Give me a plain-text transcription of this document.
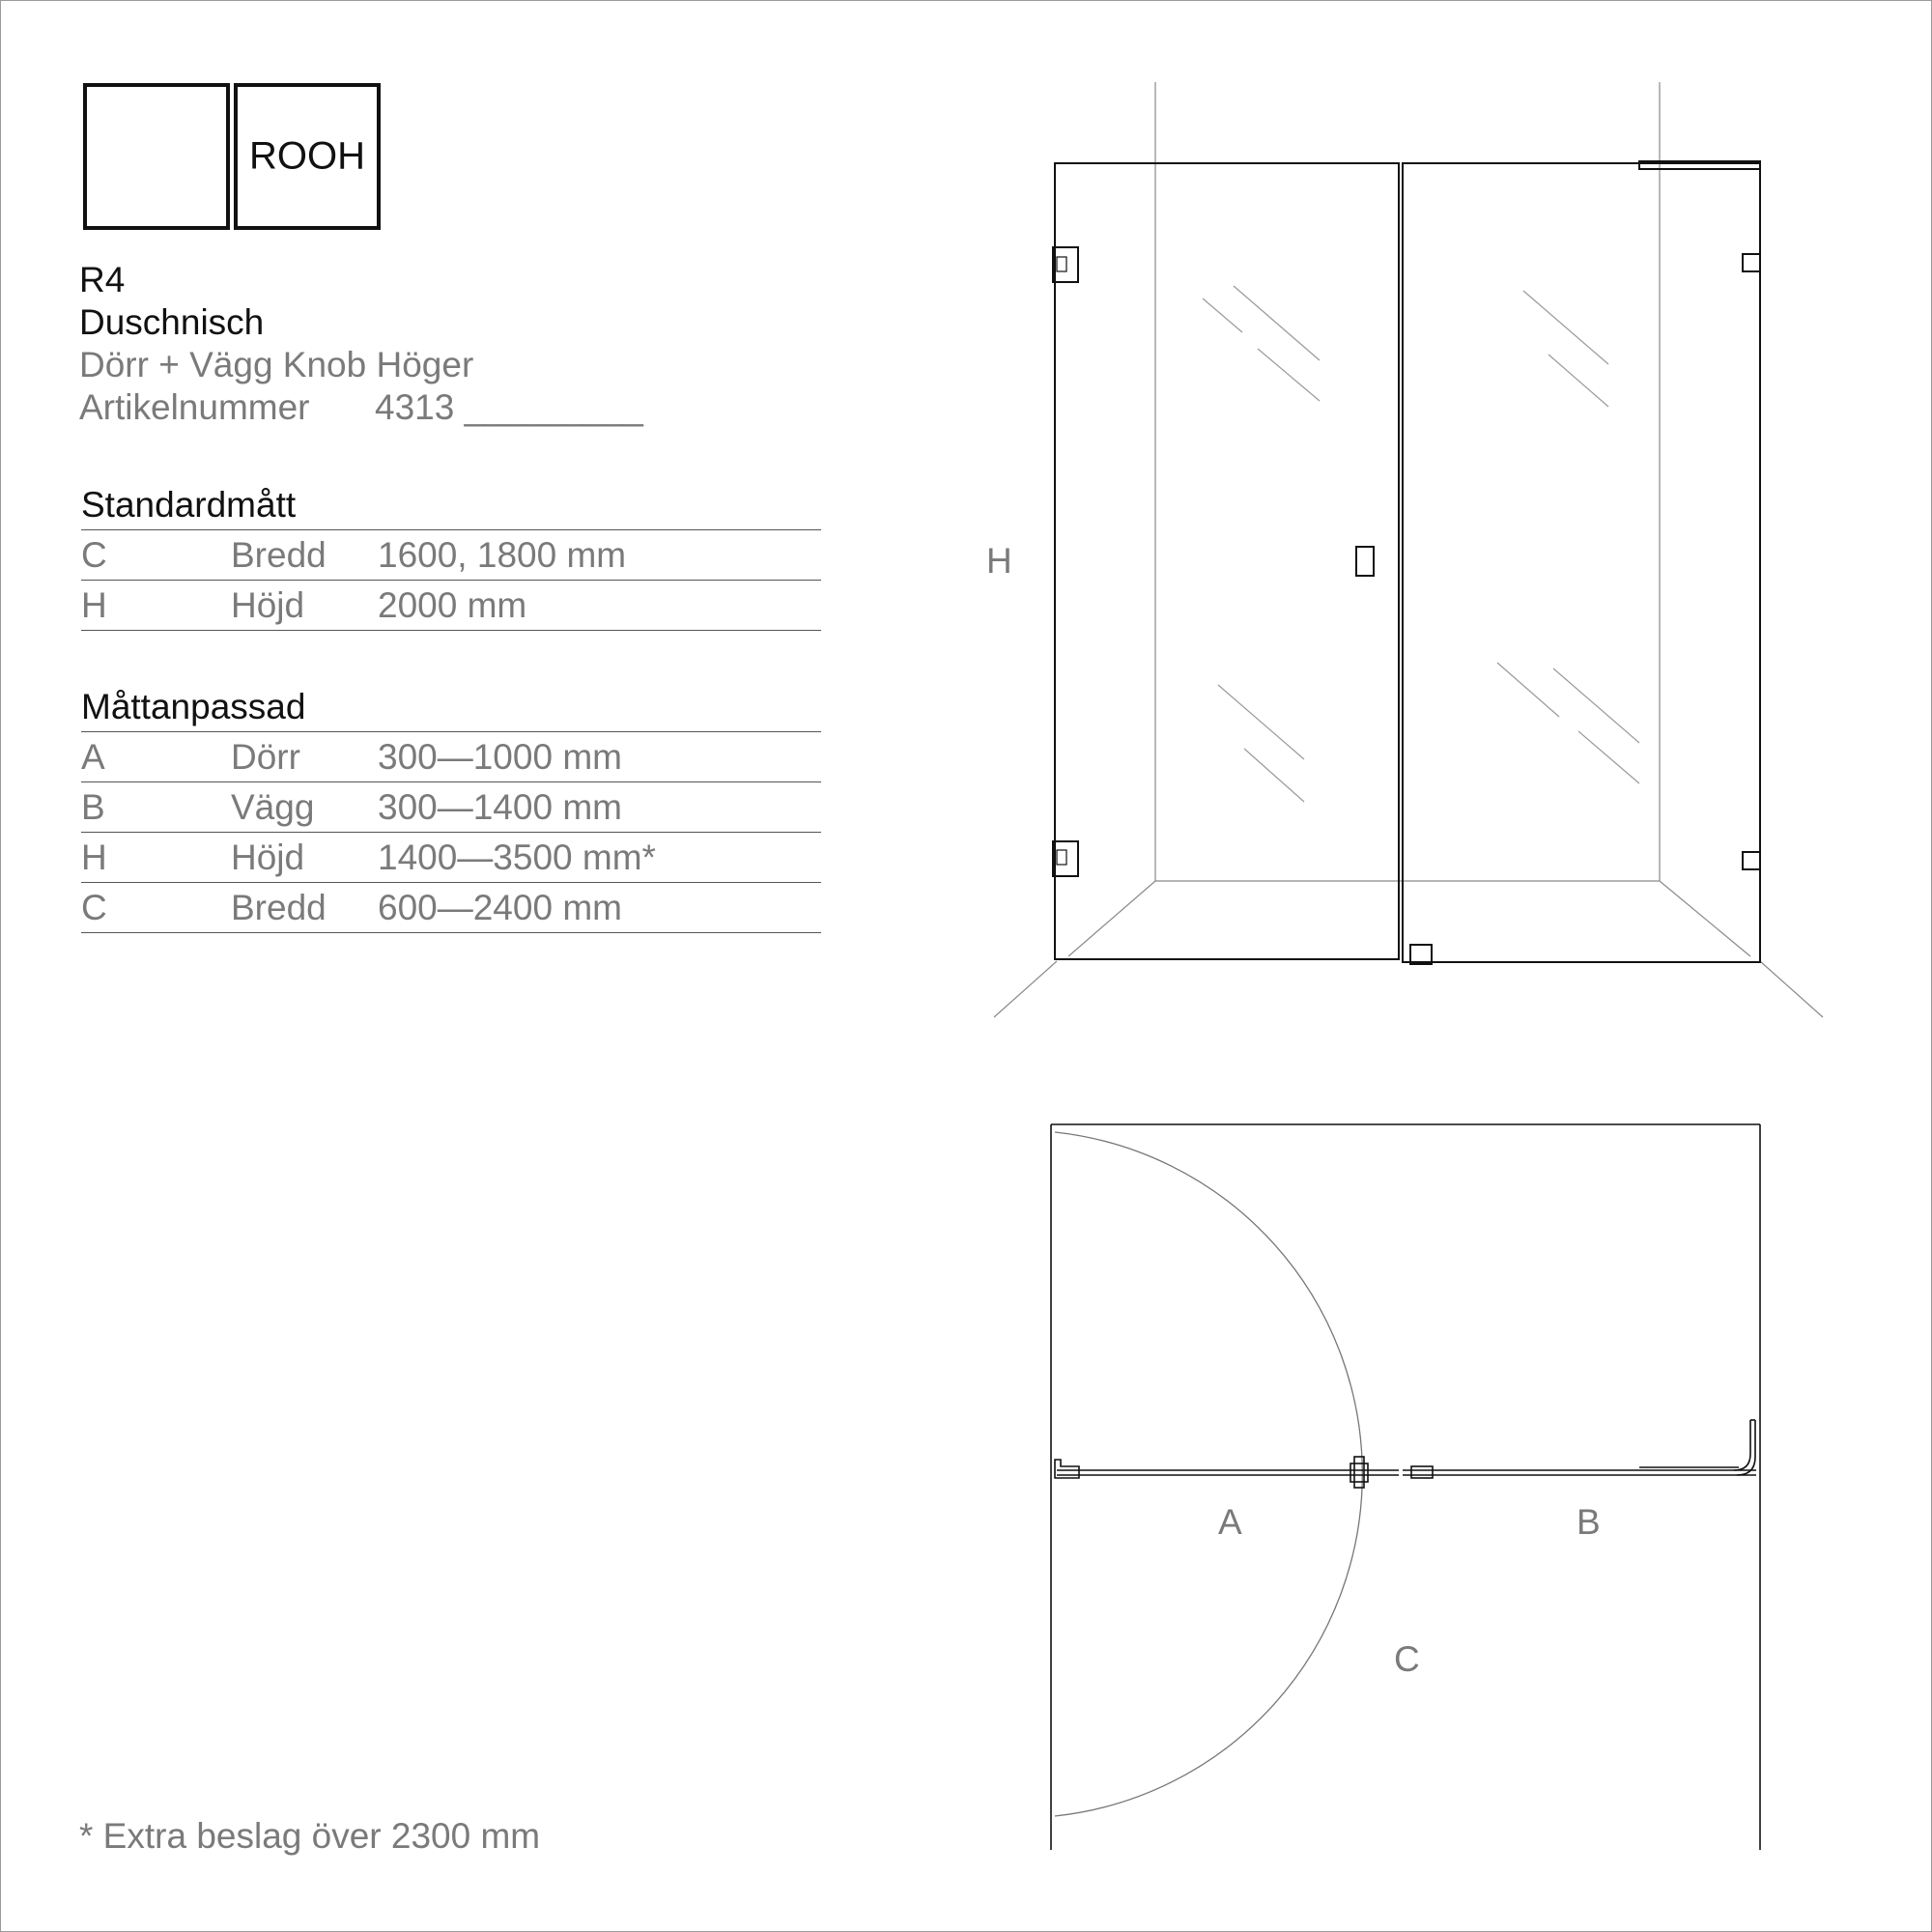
ROOH
R4
Duschnisch
Dörr + Vägg Knob Höger
Artikelnummer 4313 _________
Standardmått
C	Bredd 1600, 1800 mm
H	Höjd 2000 mm
Måttanpassad
A	Dörr 300—1000 mm
B	Vägg 300—1400 mm
H	Höjd 1400—3500 mm*
C	Bredd 600—2400 mm
* Extra beslag över 2300 mm
H
A	B
C
